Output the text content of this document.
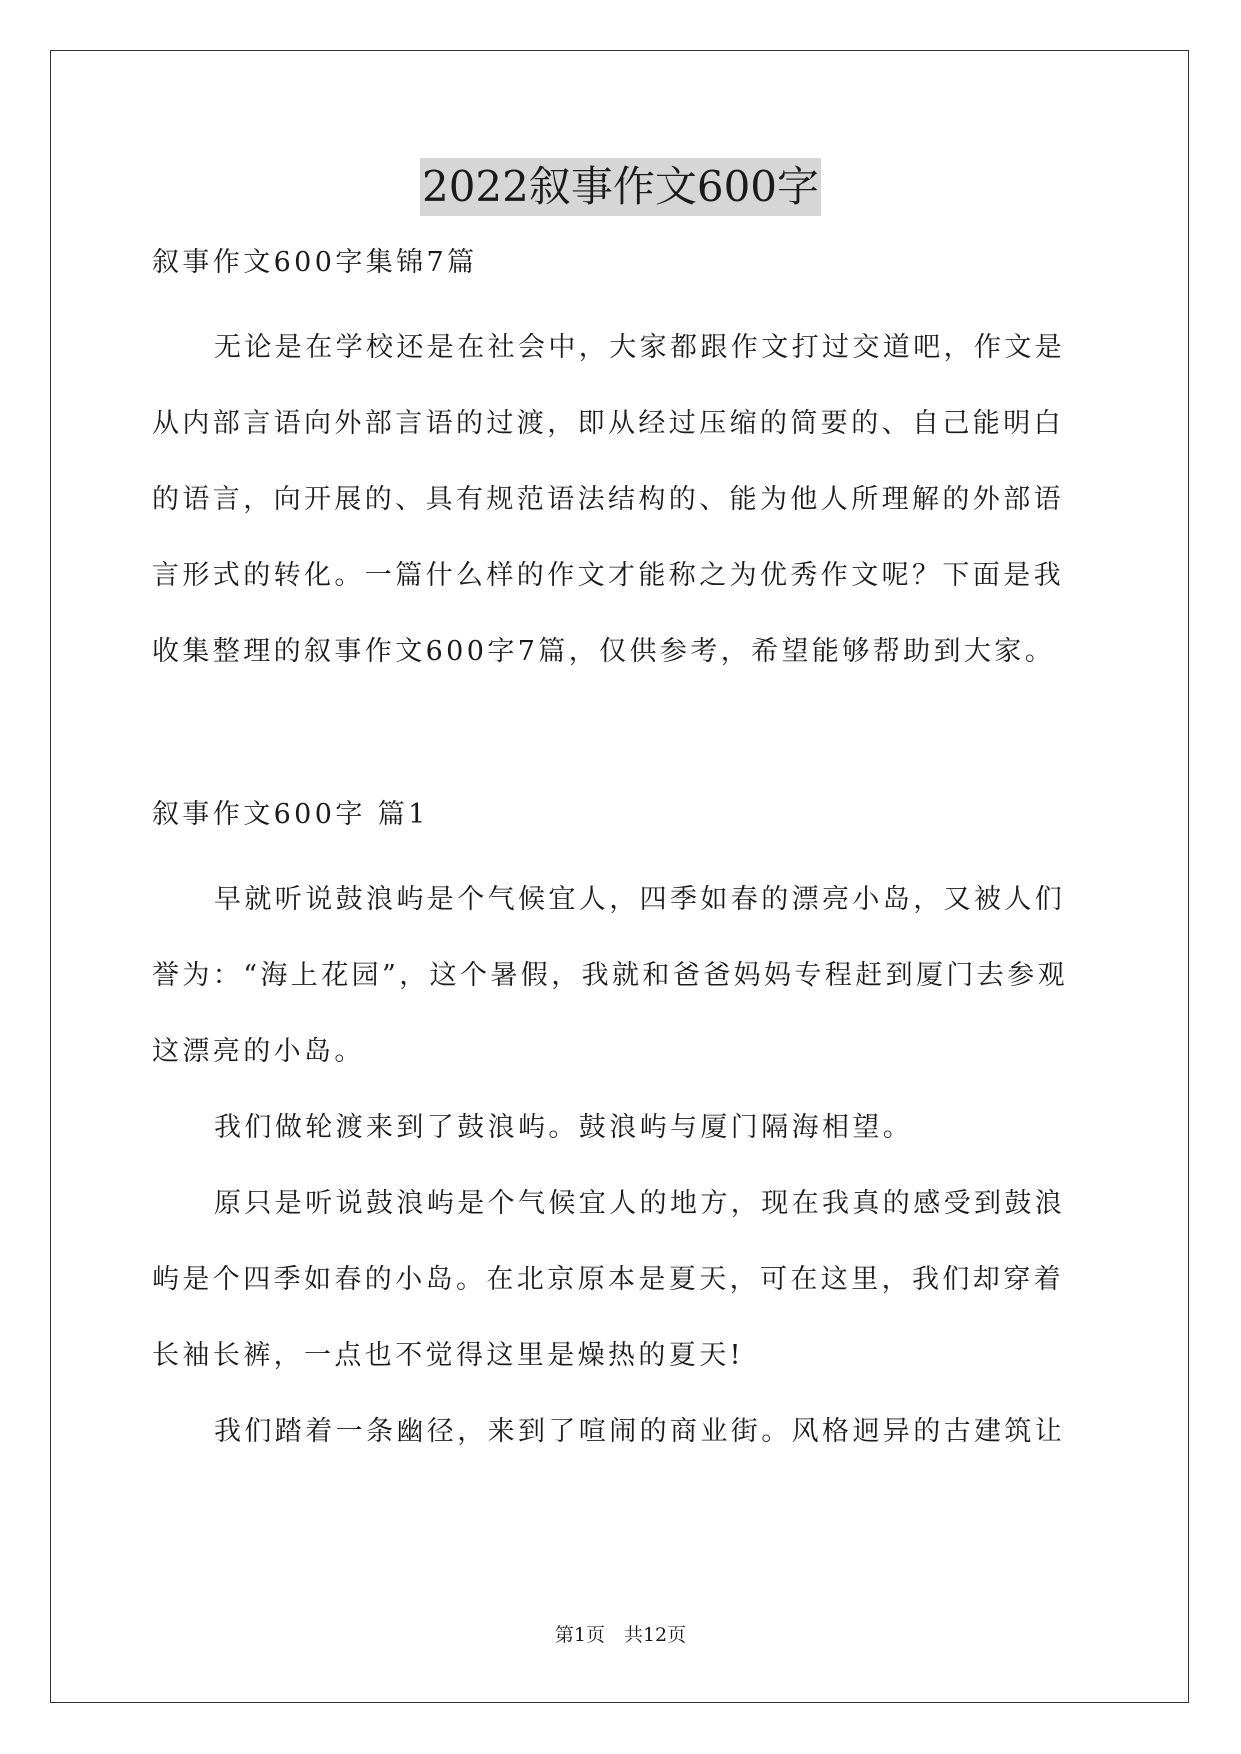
2022叙事作文600字
叙事作文600字集锦7篇
无论是在学校还是在社会中，大家都跟作文打过交道吧，作文是
从内部言语向外部言语的过渡，即从经过压缩的简要的、自己能明白
的语言，向开展的、具有规范语法结构的、能为他人所理解的外部语
言形式的转化。一篇什么样的作文才能称之为优秀作文呢？下面是我
收集整理的叙事作文600字7篇，仅供参考，希望能够帮助到大家。
叙事作文600字 篇1
早就听说鼓浪屿是个气候宜人，四季如春的漂亮小岛，又被人们
誉为：“海上花园”，这个暑假，我就和爸爸妈妈专程赶到厦门去参观
这漂亮的小岛。
我们做轮渡来到了鼓浪屿。鼓浪屿与厦门隔海相望。
原只是听说鼓浪屿是个气候宜人的地方，现在我真的感受到鼓浪
屿是个四季如春的小岛。在北京原本是夏天，可在这里，我们却穿着
长袖长裤，一点也不觉得这里是燥热的夏天!
我们踏着一条幽径，来到了喧闹的商业街。风格迥异的古建筑让
第1页　共12页
